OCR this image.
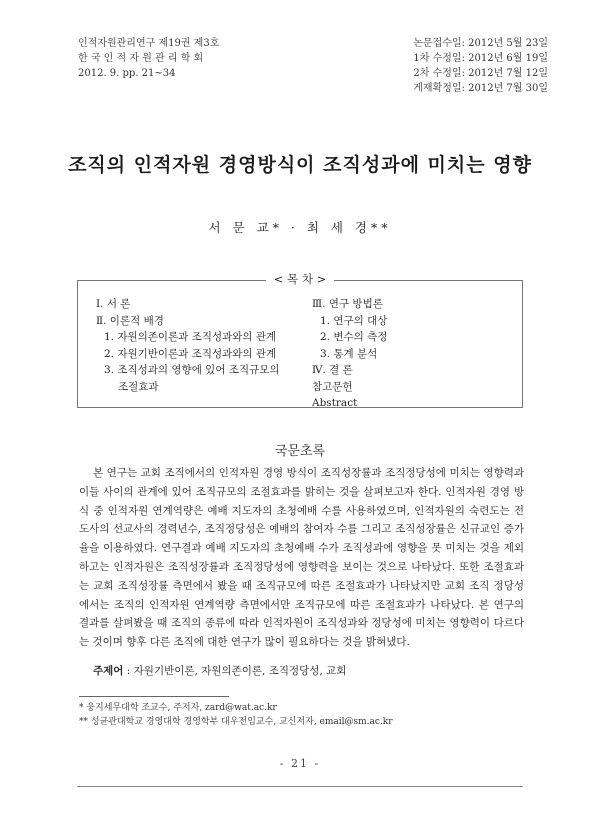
인적자원관리연구 제19권 제3호
한 국 인 적 자 원 관 리 학 회
2012. 9. pp. 21~34
논문접수일: 2012년 5월 23일
1차 수정일: 2012년 6월 19일
2차 수정일: 2012년 7월 12일
게재확정일: 2012년 7월 30일
조직의 인적자원 경영방식이 조직성과에 미치는 영향
서 문 교* · 최 세 경**
< 목 차 >
Ⅰ. 서 론
Ⅱ. 이론적 배경
1. 자원의존이론과 조직성과와의 관계
2. 자원기반이론과 조직성과와의 관계
3. 조직성과의 영향에 있어 조직규모의
조절효과
Ⅲ. 연구 방법론
1. 연구의 대상
2. 변수의 측정
3. 통계 분석
Ⅳ. 결 론
참고문헌
Abstract
국문초록
본 연구는 교회 조직에서의 인적자원 경영 방식이 조직성장률과 조직정당성에 미치는 영향력과 이들 사이의 관계에 있어 조직규모의 조절효과를 밝히는 것을 살펴보고자 한다. 인적자원 경영 방식 중 인적자원 연계역량은 예배 지도자의 초청예배 수를 사용하였으며, 인적자원의 숙련도는 전도사의 선교사의 경력년수, 조직정당성은 예배의 참여자 수를 그리고 조직성장률은 신규교인 증가율을 이용하였다. 연구결과 예배 지도자의 초청예배 수가 조직성과에 영향을 못 미치는 것을 제외하고는 인적자원은 조직성장률과 조직정당성에 영향력을 보이는 것으로 나타났다. 또한 조절효과는 교회 조직성장률 측면에서 봤을 때 조직규모에 따른 조절효과가 나타났지만 교회 조직 정당성에서는 조직의 인적자원 연계역량 측면에서만 조직규모에 따른 조절효과가 나타났다. 본 연구의 결과를 살펴봤을 때 조직의 종류에 따라 인적자원이 조직성과와 정당성에 미치는 영향력이 다르다는 것이며 향후 다른 조직에 대한 연구가 많이 필요하다는 것을 밝혀냈다.
주제어 : 자원기반이론, 자원의존이론, 조직정당성, 교회
* 웅지세무대학 조교수, 주저자, zard@wat.ac.kr
** 성균관대학교 경영대학 경영학부 대우전임교수, 교신저자, email@sm.ac.kr
- 21 -
